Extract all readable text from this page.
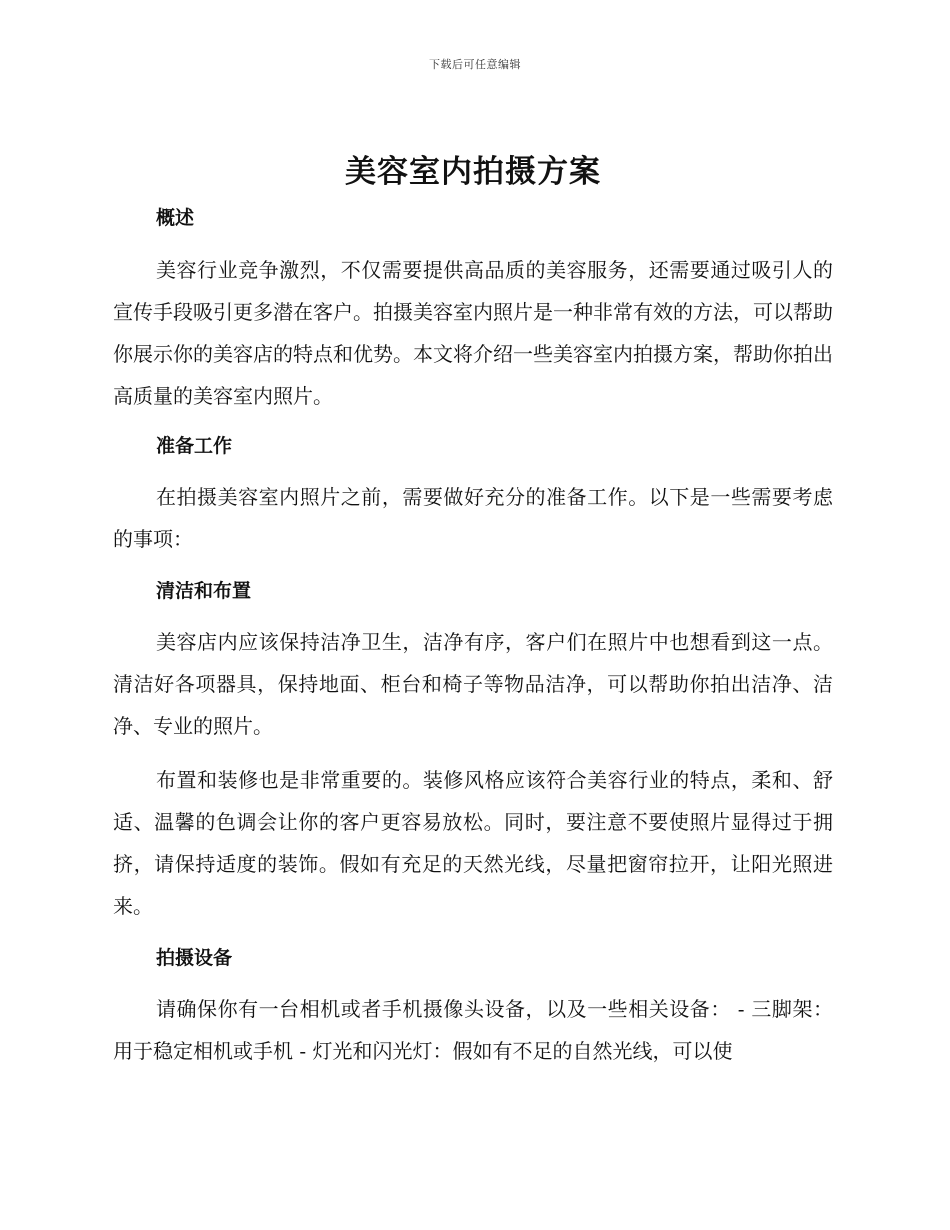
下载后可任意编辑
美容室内拍摄方案
概述

美容行业竞争激烈，不仅需要提供高品质的美容服务，还需要通过吸引人的宣传手段吸引更多潜在客户。拍摄美容室内照片是一种非常有效的方法，可以帮助你展示你的美容店的特点和优势。本文将介绍一些美容室内拍摄方案，帮助你拍出高质量的美容室内照片。

准备工作

在拍摄美容室内照片之前，需要做好充分的准备工作。以下是一些需要考虑的事项：

清洁和布置

美容店内应该保持洁净卫生，洁净有序，客户们在照片中也想看到这一点。清洁好各项器具，保持地面、柜台和椅子等物品洁净，可以帮助你拍出洁净、洁净、专业的照片。

布置和装修也是非常重要的。装修风格应该符合美容行业的特点，柔和、舒适、温馨的色调会让你的客户更容易放松。同时，要注意不要使照片显得过于拥挤，请保持适度的装饰。假如有充足的天然光线，尽量把窗帘拉开，让阳光照进来。

拍摄设备

请确保你有一台相机或者手机摄像头设备，以及一些相关设备： - 三脚架：用于稳定相机或手机 - 灯光和闪光灯：假如有不足的自然光线，可以使
